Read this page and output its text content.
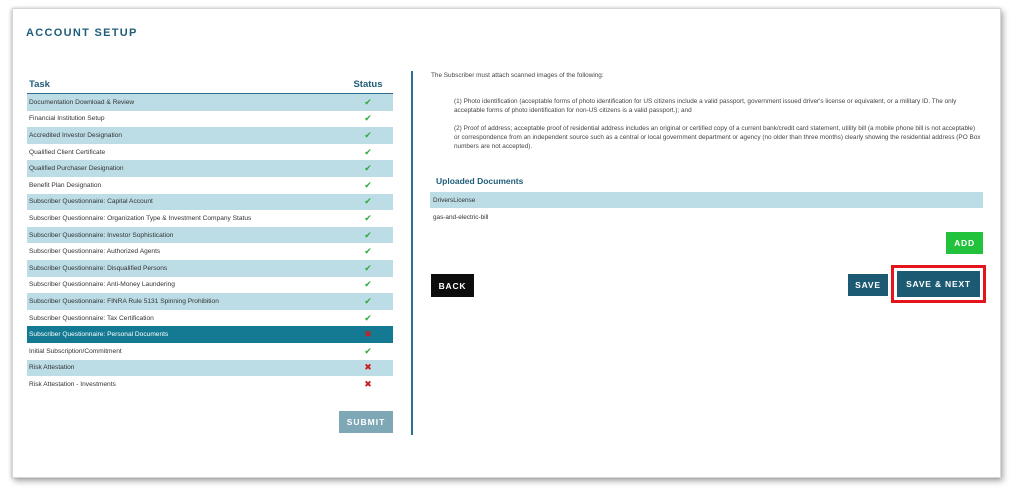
ACCOUNT SETUP
Task	Status
Documentation Download & Review	✔
Financial Institution Setup	✔
Accredited Investor Designation	✔
Qualified Client Certificate	✔
Qualified Purchaser Designation	✔
Benefit Plan Designation	✔
Subscriber Questionnaire: Capital Account	✔
Subscriber Questionnaire: Organization Type & Investment Company Status	✔
Subscriber Questionnaire: Investor Sophistication	✔
Subscriber Questionnaire: Authorized Agents	✔
Subscriber Questionnaire: Disqualified Persons	✔
Subscriber Questionnaire: Anti-Money Laundering	✔
Subscriber Questionnaire: FINRA Rule 5131 Spinning Prohibition	✔
Subscriber Questionnaire: Tax Certification	✔
Subscriber Questionnaire: Personal Documents	✖
Initial Subscription/Commitment	✔
Risk Attestation	✖
Risk Attestation - Investments	✖
SUBMIT
The Subscriber must attach scanned images of the following:
(1) Photo identification (acceptable forms of photo identification for US citizens include a valid passport, government issued driver's license or equivalent, or a military ID. The only acceptable forms of photo identification for non-US citizens is a valid passport.); and
(2) Proof of address; acceptable proof of residential address includes an original or certified copy of a current bank/credit card statement, utility bill (a mobile phone bill is not acceptable) or correspondence from an independent source such as a central or local government department or agency (no older than three months) clearly showing the residential address (PO Box numbers are not accepted).
Uploaded Documents
DriversLicense
gas-and-electric-bill
ADD
BACK	SAVE	SAVE & NEXT
